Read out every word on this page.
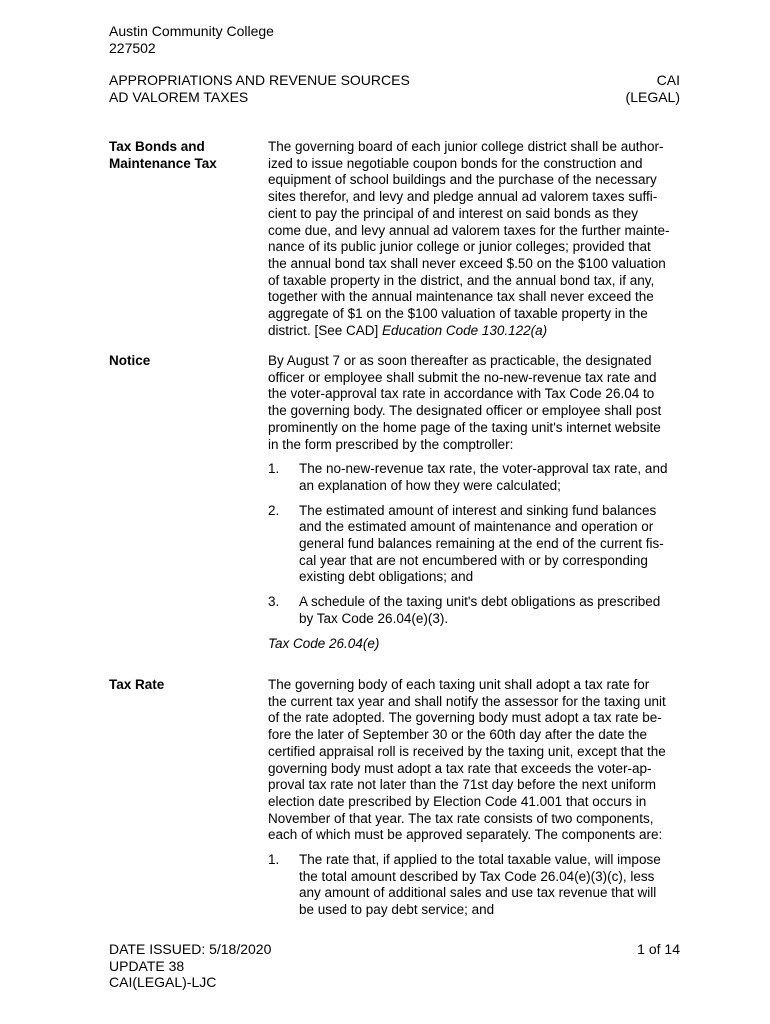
Austin Community College
227502
APPROPRIATIONS AND REVENUE SOURCES
AD VALOREM TAXES
CAI
(LEGAL)
Tax Bonds and
Maintenance Tax

The governing board of each junior college district shall be author-
ized to issue negotiable coupon bonds for the construction and
equipment of school buildings and the purchase of the necessary
sites therefor, and levy and pledge annual ad valorem taxes suffi-
cient to pay the principal of and interest on said bonds as they
come due, and levy annual ad valorem taxes for the further mainte-
nance of its public junior college or junior colleges; provided that
the annual bond tax shall never exceed $.50 on the $100 valuation
of taxable property in the district, and the annual bond tax, if any,
together with the annual maintenance tax shall never exceed the
aggregate of $1 on the $100 valuation of taxable property in the
district. [See CAD] Education Code 130.122(a)

Notice	By August 7 or as soon thereafter as practicable, the designated
officer or employee shall submit the no-new-revenue tax rate and
the voter-approval tax rate in accordance with Tax Code 26.04 to
the governing body. The designated officer or employee shall post
prominently on the home page of the taxing unit's internet website
in the form prescribed by the comptroller:

1. The no-new-revenue tax rate, the voter-approval tax rate, and
an explanation of how they were calculated;
2. The estimated amount of interest and sinking fund balances
and the estimated amount of maintenance and operation or
general fund balances remaining at the end of the current fis-
cal year that are not encumbered with or by corresponding
existing debt obligations; and
3. A schedule of the taxing unit's debt obligations as prescribed
by Tax Code 26.04(e)(3).

Tax Code 26.04(e)

Tax Rate	The governing body of each taxing unit shall adopt a tax rate for
the current tax year and shall notify the assessor for the taxing unit
of the rate adopted. The governing body must adopt a tax rate be-
fore the later of September 30 or the 60th day after the date the
certified appraisal roll is received by the taxing unit, except that the
governing body must adopt a tax rate that exceeds the voter-ap-
proval tax rate not later than the 71st day before the next uniform
election date prescribed by Election Code 41.001 that occurs in
November of that year. The tax rate consists of two components,
each of which must be approved separately. The components are:

1. The rate that, if applied to the total taxable value, will impose
the total amount described by Tax Code 26.04(e)(3)(c), less
any amount of additional sales and use tax revenue that will
be used to pay debt service; and
DATE ISSUED: 5/18/2020
UPDATE 38
CAI(LEGAL)-LJC
1 of 14
